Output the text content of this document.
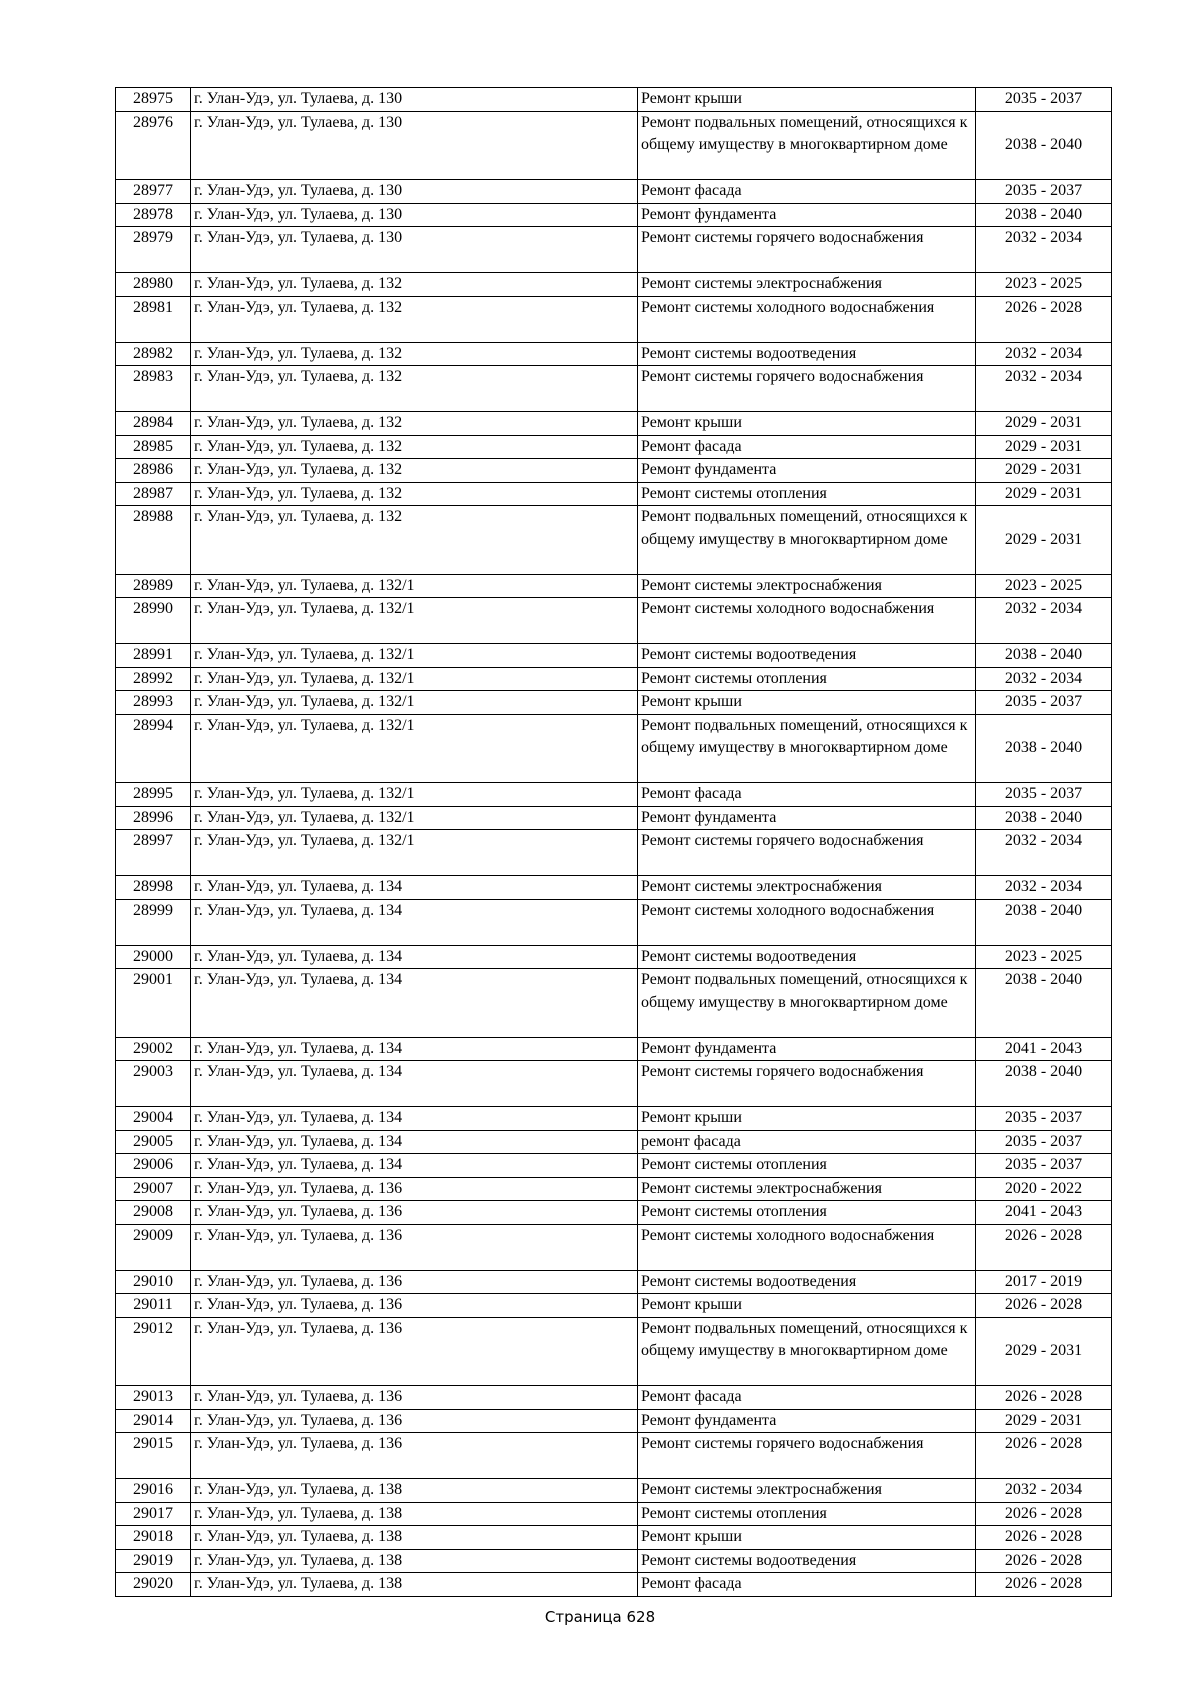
28975	г. Улан-Удэ, ул. Тулаева, д. 130	Ремонт крыши	2035 - 2037
28976	г. Улан-Удэ, ул. Тулаева, д. 130	Ремонт подвальных помещений, относящихся к общему имуществу в многоквартирном доме	2038 - 2040
28977	г. Улан-Удэ, ул. Тулаева, д. 130	Ремонт фасада	2035 - 2037
28978	г. Улан-Удэ, ул. Тулаева, д. 130	Ремонт фундамента	2038 - 2040
28979	г. Улан-Удэ, ул. Тулаева, д. 130	Ремонт системы горячего водоснабжения	2032 - 2034
28980	г. Улан-Удэ, ул. Тулаева, д. 132	Ремонт системы электроснабжения	2023 - 2025
28981	г. Улан-Удэ, ул. Тулаева, д. 132	Ремонт системы холодного водоснабжения	2026 - 2028
28982	г. Улан-Удэ, ул. Тулаева, д. 132	Ремонт системы водоотведения	2032 - 2034
28983	г. Улан-Удэ, ул. Тулаева, д. 132	Ремонт системы горячего водоснабжения	2032 - 2034
28984	г. Улан-Удэ, ул. Тулаева, д. 132	Ремонт крыши	2029 - 2031
28985	г. Улан-Удэ, ул. Тулаева, д. 132	Ремонт фасада	2029 - 2031
28986	г. Улан-Удэ, ул. Тулаева, д. 132	Ремонт фундамента	2029 - 2031
28987	г. Улан-Удэ, ул. Тулаева, д. 132	Ремонт системы отопления	2029 - 2031
28988	г. Улан-Удэ, ул. Тулаева, д. 132	Ремонт подвальных помещений, относящихся к общему имуществу в многоквартирном доме	2029 - 2031
28989	г. Улан-Удэ, ул. Тулаева, д. 132/1	Ремонт системы электроснабжения	2023 - 2025
28990	г. Улан-Удэ, ул. Тулаева, д. 132/1	Ремонт системы холодного водоснабжения	2032 - 2034
28991	г. Улан-Удэ, ул. Тулаева, д. 132/1	Ремонт системы водоотведения	2038 - 2040
28992	г. Улан-Удэ, ул. Тулаева, д. 132/1	Ремонт системы отопления	2032 - 2034
28993	г. Улан-Удэ, ул. Тулаева, д. 132/1	Ремонт крыши	2035 - 2037
28994	г. Улан-Удэ, ул. Тулаева, д. 132/1	Ремонт подвальных помещений, относящихся к общему имуществу в многоквартирном доме	2038 - 2040
28995	г. Улан-Удэ, ул. Тулаева, д. 132/1	Ремонт фасада	2035 - 2037
28996	г. Улан-Удэ, ул. Тулаева, д. 132/1	Ремонт фундамента	2038 - 2040
28997	г. Улан-Удэ, ул. Тулаева, д. 132/1	Ремонт системы горячего водоснабжения	2032 - 2034
28998	г. Улан-Удэ, ул. Тулаева, д. 134	Ремонт системы электроснабжения	2032 - 2034
28999	г. Улан-Удэ, ул. Тулаева, д. 134	Ремонт системы холодного водоснабжения	2038 - 2040
29000	г. Улан-Удэ, ул. Тулаева, д. 134	Ремонт системы водоотведения	2023 - 2025
29001	г. Улан-Удэ, ул. Тулаева, д. 134	Ремонт подвальных помещений, относящихся к общему имуществу в многоквартирном доме	2038 - 2040
29002	г. Улан-Удэ, ул. Тулаева, д. 134	Ремонт фундамента	2041 - 2043
29003	г. Улан-Удэ, ул. Тулаева, д. 134	Ремонт системы горячего водоснабжения	2038 - 2040
29004	г. Улан-Удэ, ул. Тулаева, д. 134	Ремонт крыши	2035 - 2037
29005	г. Улан-Удэ, ул. Тулаева, д. 134	ремонт фасада	2035 - 2037
29006	г. Улан-Удэ, ул. Тулаева, д. 134	Ремонт системы отопления	2035 - 2037
29007	г. Улан-Удэ, ул. Тулаева, д. 136	Ремонт системы электроснабжения	2020 - 2022
29008	г. Улан-Удэ, ул. Тулаева, д. 136	Ремонт системы отопления	2041 - 2043
29009	г. Улан-Удэ, ул. Тулаева, д. 136	Ремонт системы холодного водоснабжения	2026 - 2028
29010	г. Улан-Удэ, ул. Тулаева, д. 136	Ремонт системы водоотведения	2017 - 2019
29011	г. Улан-Удэ, ул. Тулаева, д. 136	Ремонт крыши	2026 - 2028
29012	г. Улан-Удэ, ул. Тулаева, д. 136	Ремонт подвальных помещений, относящихся к общему имуществу в многоквартирном доме	2029 - 2031
29013	г. Улан-Удэ, ул. Тулаева, д. 136	Ремонт фасада	2026 - 2028
29014	г. Улан-Удэ, ул. Тулаева, д. 136	Ремонт фундамента	2029 - 2031
29015	г. Улан-Удэ, ул. Тулаева, д. 136	Ремонт системы горячего водоснабжения	2026 - 2028
29016	г. Улан-Удэ, ул. Тулаева, д. 138	Ремонт системы электроснабжения	2032 - 2034
29017	г. Улан-Удэ, ул. Тулаева, д. 138	Ремонт системы отопления	2026 - 2028
29018	г. Улан-Удэ, ул. Тулаева, д. 138	Ремонт крыши	2026 - 2028
29019	г. Улан-Удэ, ул. Тулаева, д. 138	Ремонт системы водоотведения	2026 - 2028
29020	г. Улан-Удэ, ул. Тулаева, д. 138	Ремонт фасада	2026 - 2028
Страница 628
